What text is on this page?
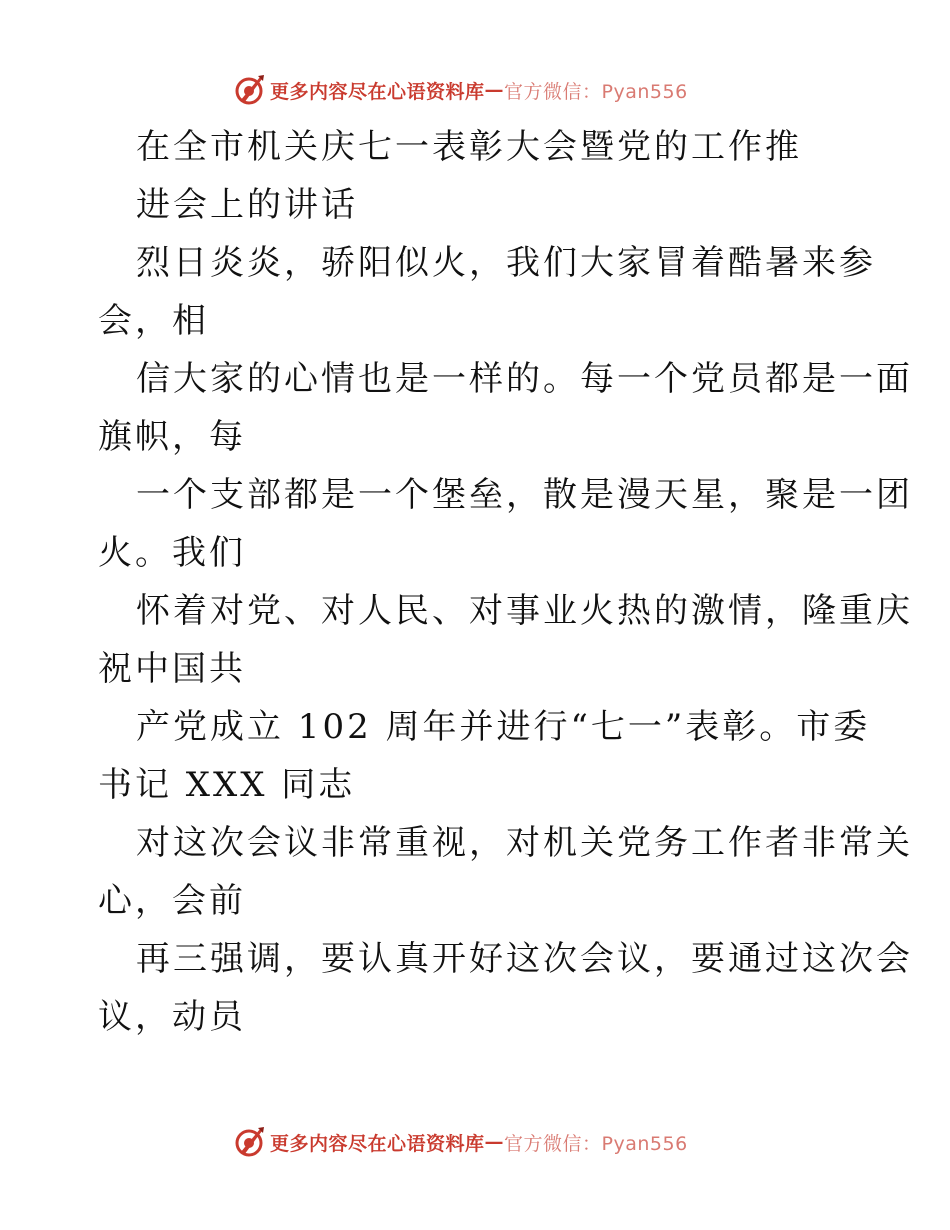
更多内容尽在心语资料库 — 官方微信：Pyan556
在全市机关庆七一表彰大会暨党的工作推
进会上的讲话
烈日炎炎，骄阳似火，我们大家冒着酷暑来参
会，相
信大家的心情也是一样的。每一个党员都是一面
旗帜，每
一个支部都是一个堡垒，散是漫天星，聚是一团
火。我们
怀着对党、对人民、对事业火热的激情，隆重庆
祝中国共
产党成立 102 周年并进行“七一”表彰。市委
书记 XXX 同志
对这次会议非常重视，对机关党务工作者非常关
心，会前
再三强调，要认真开好这次会议，要通过这次会
议，动员
更多内容尽在心语资料库 — 官方微信：Pyan556
